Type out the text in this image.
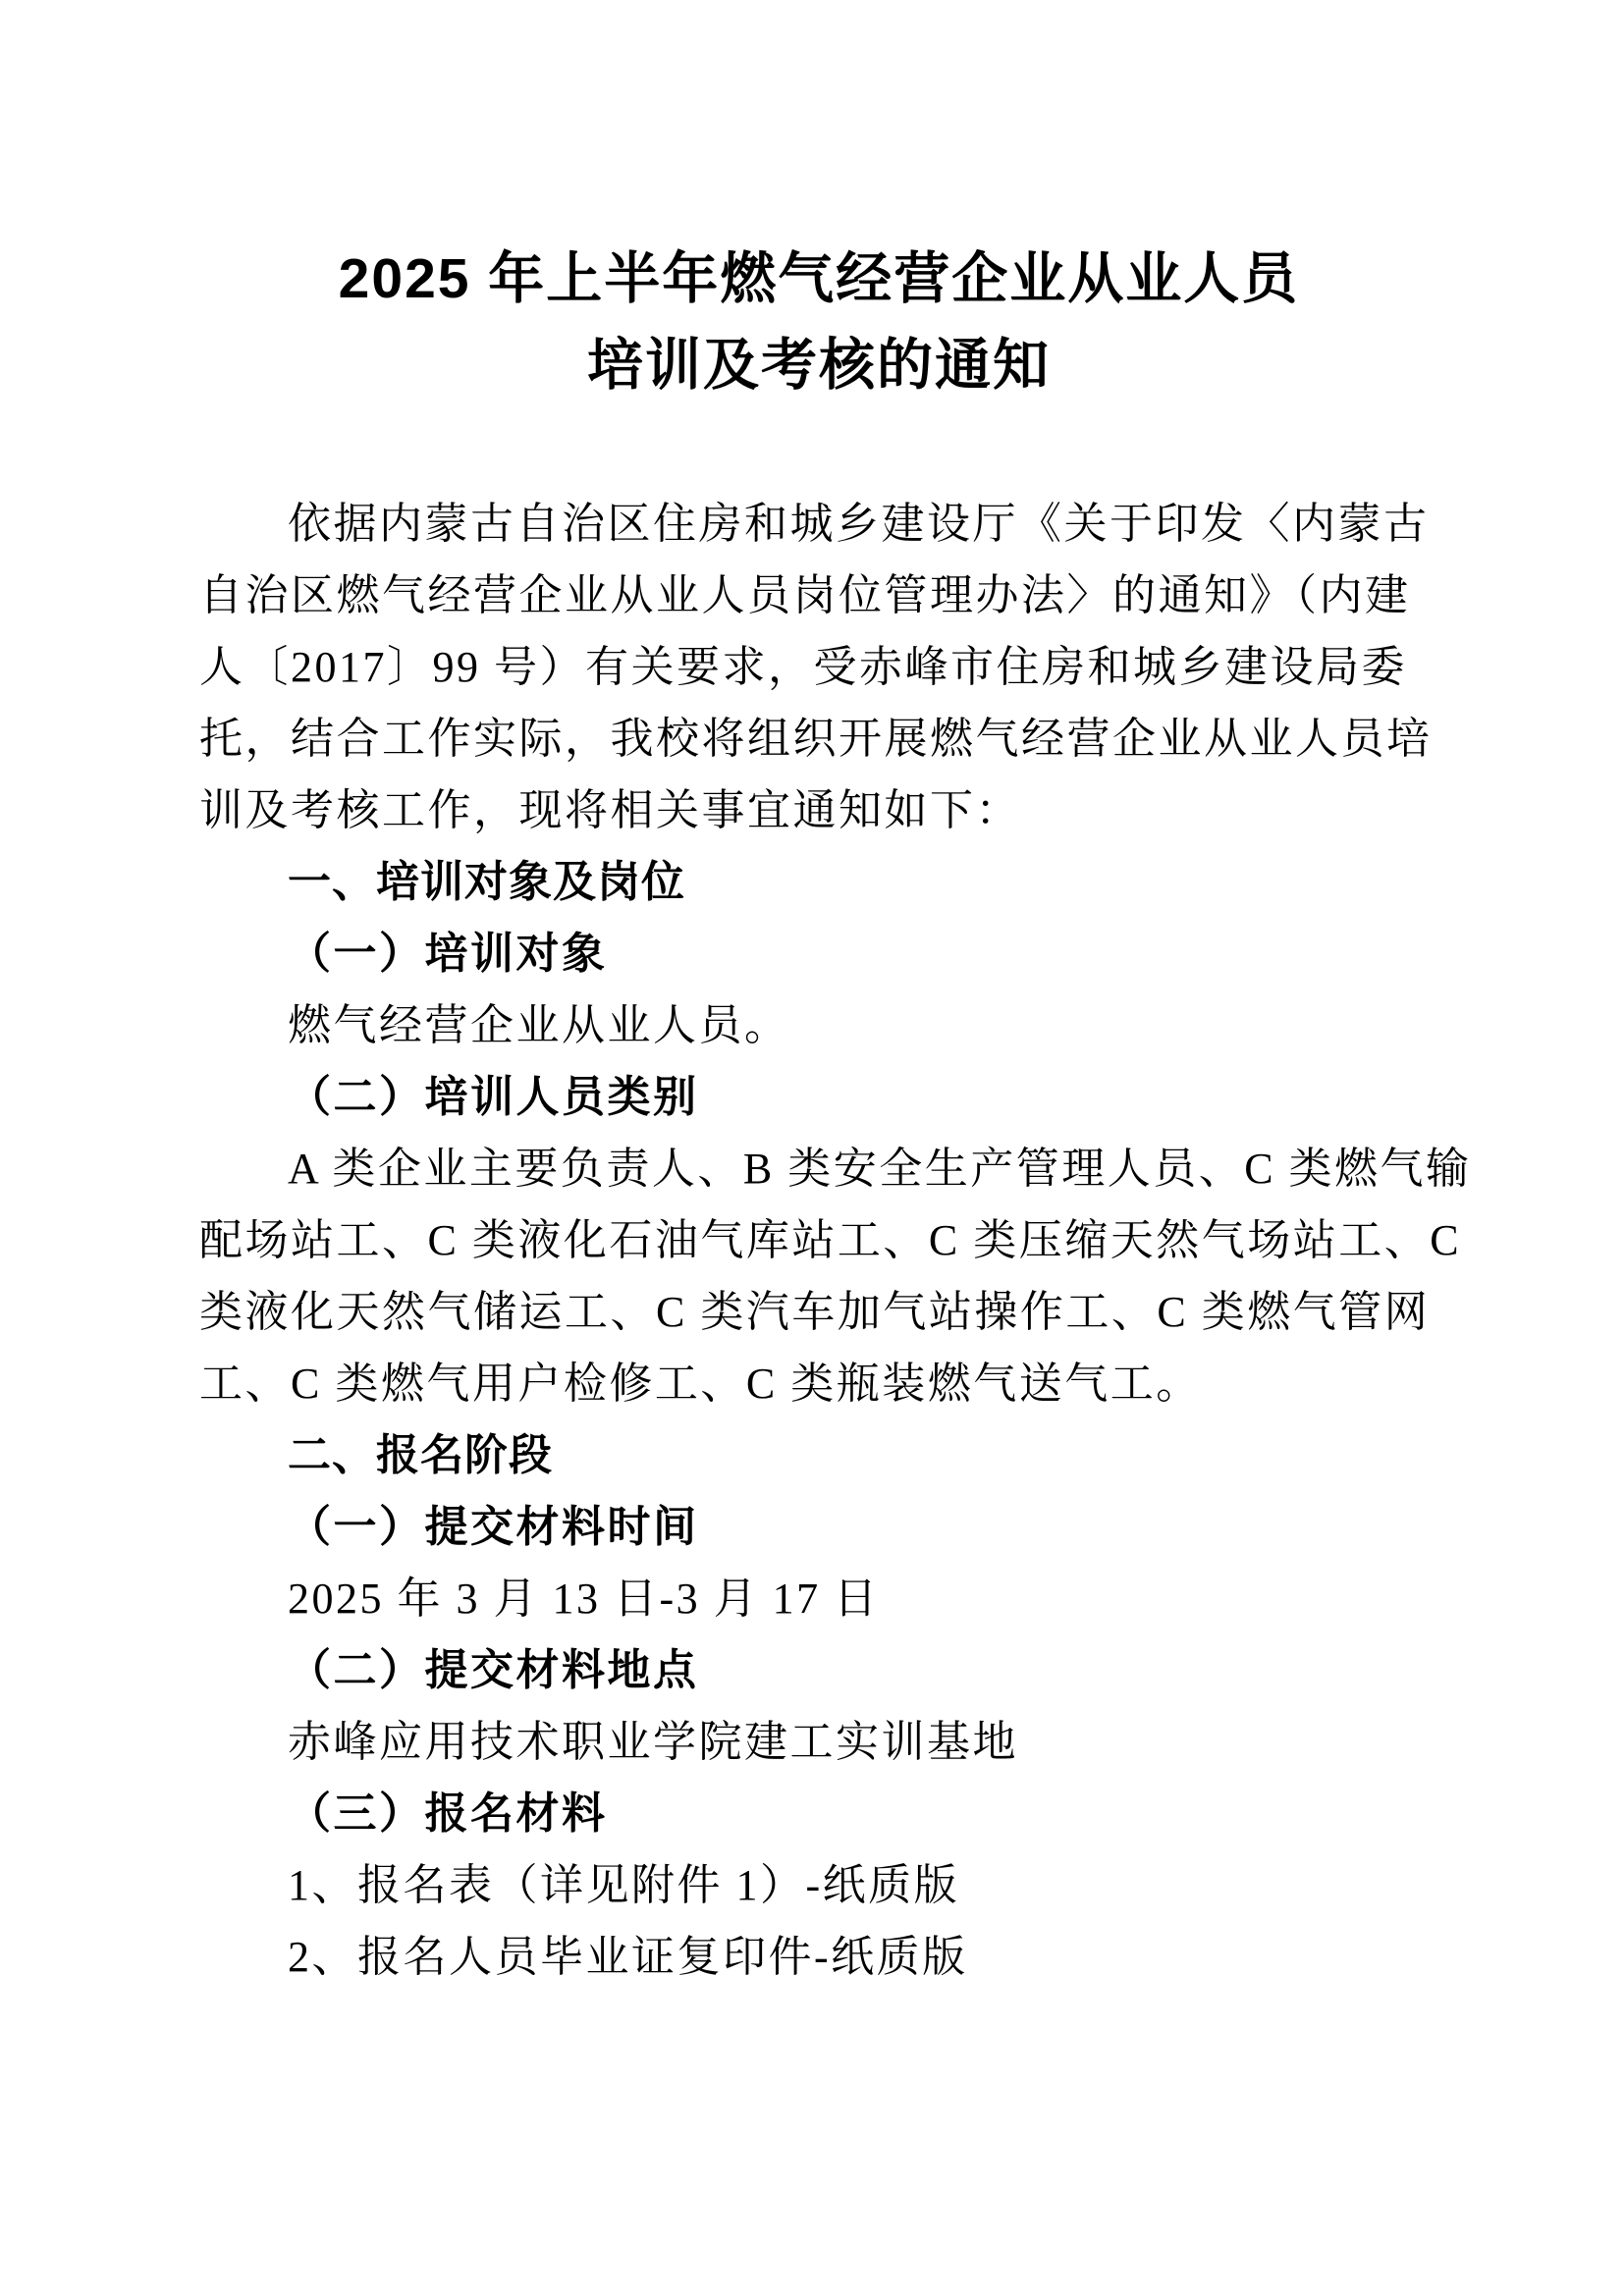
2025 年上半年燃气经营企业从业人员
培训及考核的通知
依据内蒙古自治区住房和城乡建设厅《关于印发〈内蒙古
自治区燃气经营企业从业人员岗位管理办法〉的通知》（内建
人〔2017〕99 号）有关要求，受赤峰市住房和城乡建设局委
托，结合工作实际，我校将组织开展燃气经营企业从业人员培
训及考核工作，现将相关事宜通知如下：
一、培训对象及岗位
（一）培训对象
燃气经营企业从业人员。
（二）培训人员类别
A 类企业主要负责人、B 类安全生产管理人员、C 类燃气输
配场站工、C 类液化石油气库站工、C 类压缩天然气场站工、C
类液化天然气储运工、C 类汽车加气站操作工、C 类燃气管网
工、C 类燃气用户检修工、C 类瓶装燃气送气工。
二、报名阶段
（一）提交材料时间
2025 年 3 月 13 日-3 月 17 日
（二）提交材料地点
赤峰应用技术职业学院建工实训基地
（三）报名材料
1、报名表（详见附件 1）-纸质版
2、报名人员毕业证复印件-纸质版
